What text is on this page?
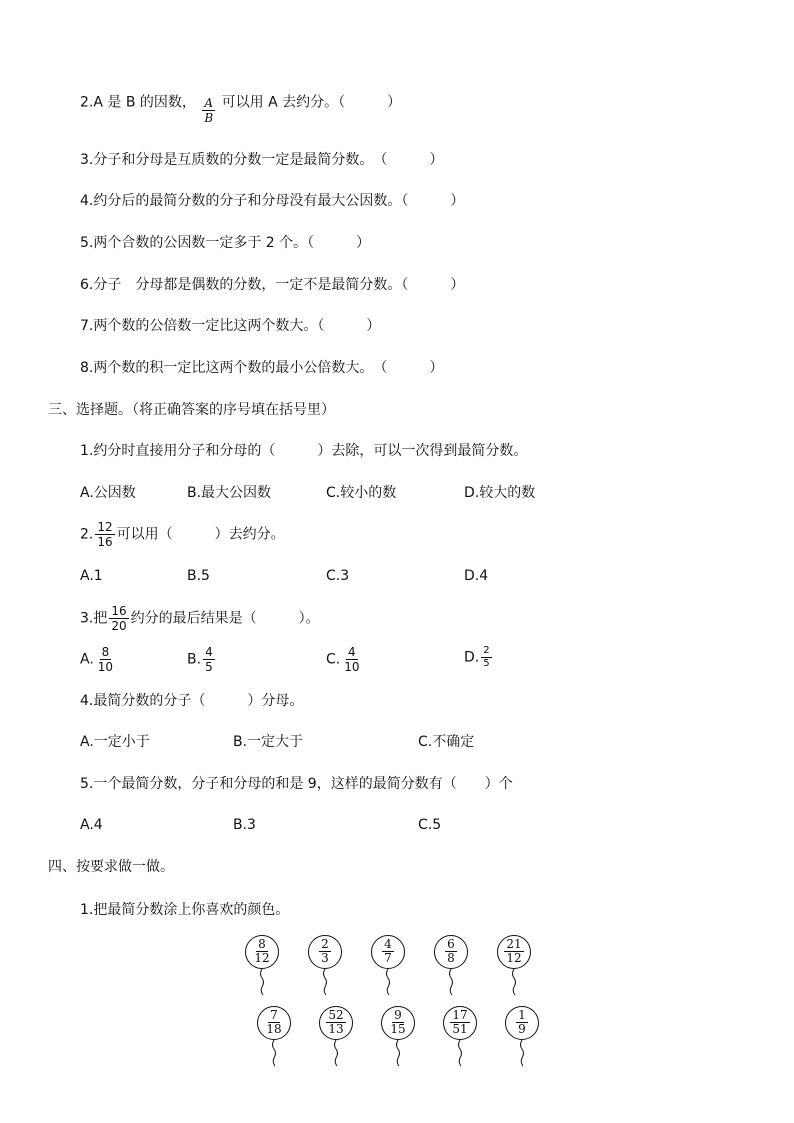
2.A 是 B 的因数， $\frac{A}{B}$ 可以用 A 去约分。（　　　）
3.分子和分母是互质数的分数一定是最简分数。　（　　　）
4.约分后的最简分数的分子和分母没有最大公因数。（　　　）
5.两个合数的公因数一定多于 2 个。（　　　）
6.分子　分母都是偶数的分数，一定不是最简分数。（　　　）
7.两个数的公倍数一定比这两个数大。（　　　）
8.两个数的积一定比这两个数的最小公倍数大。　（　　　）
三、选择题。（将正确答案的序号填在括号里）
1.约分时直接用分子和分母的（　　　）去除，可以一次得到最简分数。
A.公因数	B.最大公因数	C.较小的数	D.较大的数
2. $\frac{12}{16}$ 可以用（　　　）去约分。
A.1	B.5	C.3	D.4
3.把 $\frac{16}{20}$ 约分的最后结果是（　　　）。
A. $\frac{8}{10}$	B. $\frac{4}{5}$	C. $\frac{4}{10}$	D. $\frac{2}{5}$
4.最简分数的分子（　　　）分母。
A.一定小于	B.一定大于	C.不确定
5.一个最简分数，分子和分母的和是 9，这样的最简分数有（　　）个
A.4	B.3	C.5
四、按要求做一做。
1.把最简分数涂上你喜欢的颜色。
$\frac{8}{12} \frac{2}{3} \frac{4}{7} \frac{6}{8} \frac{21}{12}$
$\frac{7}{18} \frac{52}{13} \frac{9}{15} \frac{17}{51} \frac{1}{9}$
